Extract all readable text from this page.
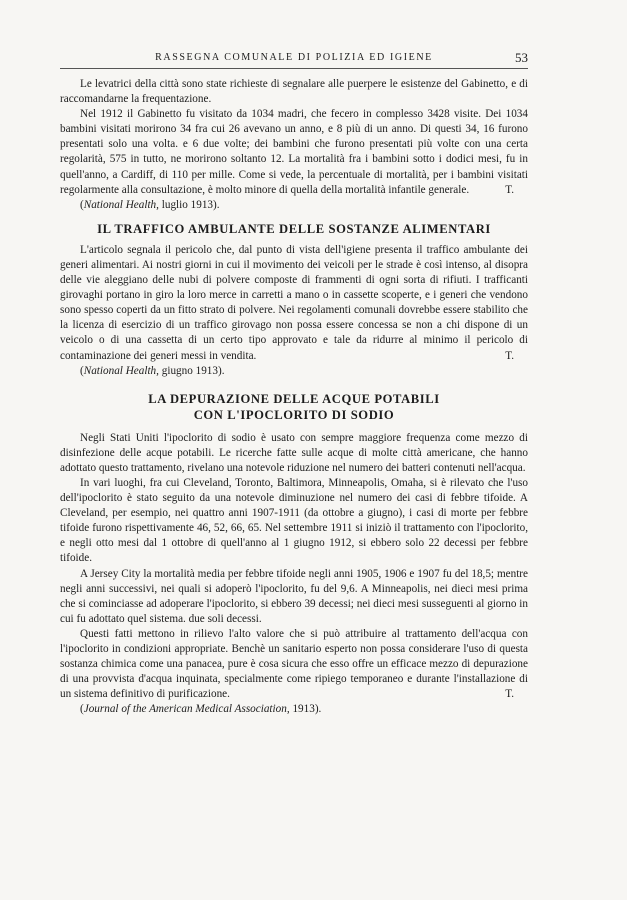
RASSEGNA COMUNALE DI POLIZIA ED IGIENE	53

Le levatrici della città sono state richieste di segnalare alle puerpere le esistenze del Gabinetto, e di raccomandarne la frequentazione.

Nel 1912 il Gabinetto fu visitato da 1034 madri, che fecero in complesso 3428 visite. Dei 1034 bambini visitati morirono 34 fra cui 26 avevano un anno, e 8 più di un anno. Di questi 34, 16 furono presentati solo una volta. e 6 due volte; dei bambini che furono presentati più volte con una certa regolarità, 575 in tutto, ne morirono soltanto 12. La mortalità fra i bambini sotto i dodici mesi, fu in quell'anno, a Cardiff, di 110 per mille. Come si vede, la percentuale di mortalità, per i bambini visitati regolarmente alla consultazione, è molto minore di quella della mortalità infantile generale.	T.

(National Health, luglio 1913).
IL TRAFFICO AMBULANTE DELLE SOSTANZE ALIMENTARI

L'articolo segnala il pericolo che, dal punto di vista dell'igiene presenta il traffico ambulante dei generi alimentari. Ai nostri giorni in cui il movimento dei veicoli per le strade è così intenso, al disopra delle vie aleggiano delle nubi di polvere composte di frammenti di ogni sorta di rifiuti. I trafficanti girovaghi portano in giro la loro merce in carretti a mano o in cassette scoperte, e i generi che vendono sono spesso coperti da un fitto strato di polvere. Nei regolamenti comunali dovrebbe essere stabilito che la licenza di esercizio di un traffico girovago non possa essere concessa se non a chi dispone di un veicolo o di una cassetta di un certo tipo approvato e tale da ridurre al minimo il pericolo di contaminazione dei generi messi in vendita.	T.

(National Health, giugno 1913).
LA DEPURAZIONE DELLE ACQUE POTABILI
CON L'IPOCLORITO DI SODIO

Negli Stati Uniti l'ipoclorito di sodio è usato con sempre maggiore frequenza come mezzo di disinfezione delle acque potabili. Le ricerche fatte sulle acque di molte città americane, che hanno adottato questo trattamento, rivelano una notevole riduzione nel numero dei batteri contenuti nell'acqua.

In vari luoghi, fra cui Cleveland, Toronto, Baltimora, Minneapolis, Omaha, si è rilevato che l'uso dell'ipoclorito è stato seguito da una notevole diminuzione nel numero dei casi di febbre tifoide. A Cleveland, per esempio, nei quattro anni 1907-1911 (da ottobre a giugno), i casi di morte per febbre tifoide furono rispettivamente 46, 52, 66, 65. Nel settembre 1911 si iniziò il trattamento con l'ipoclorito, e negli otto mesi dal 1 ottobre di quell'anno al 1 giugno 1912, si ebbero solo 22 decessi per febbre tifoide.

A Jersey City la mortalità media per febbre tifoide negli anni 1905, 1906 e 1907 fu del 18,5; mentre negli anni successivi, nei quali si adoperò l'ipoclorito, fu del 9,6. A Minneapolis, nei dieci mesi prima che si cominciasse ad adoperare l'ipoclorito, si ebbero 39 decessi; nei dieci mesi susseguenti al giorno in cui fu adottato quel sistema. due soli decessi.

Questi fatti mettono in rilievo l'alto valore che si può attribuire al trattamento dell'acqua con l'ipoclorito in condizioni appropriate. Benchè un sanitario esperto non possa considerare l'uso di questa sostanza chimica come una panacea, pure è cosa sicura che esso offre un efficace mezzo di depurazione di una provvista d'acqua inquinata, specialmente come ripiego temporaneo e durante l'installazione di un sistema definitivo di purificazione.	T.

(Journal of the American Medical Association, 1913).
